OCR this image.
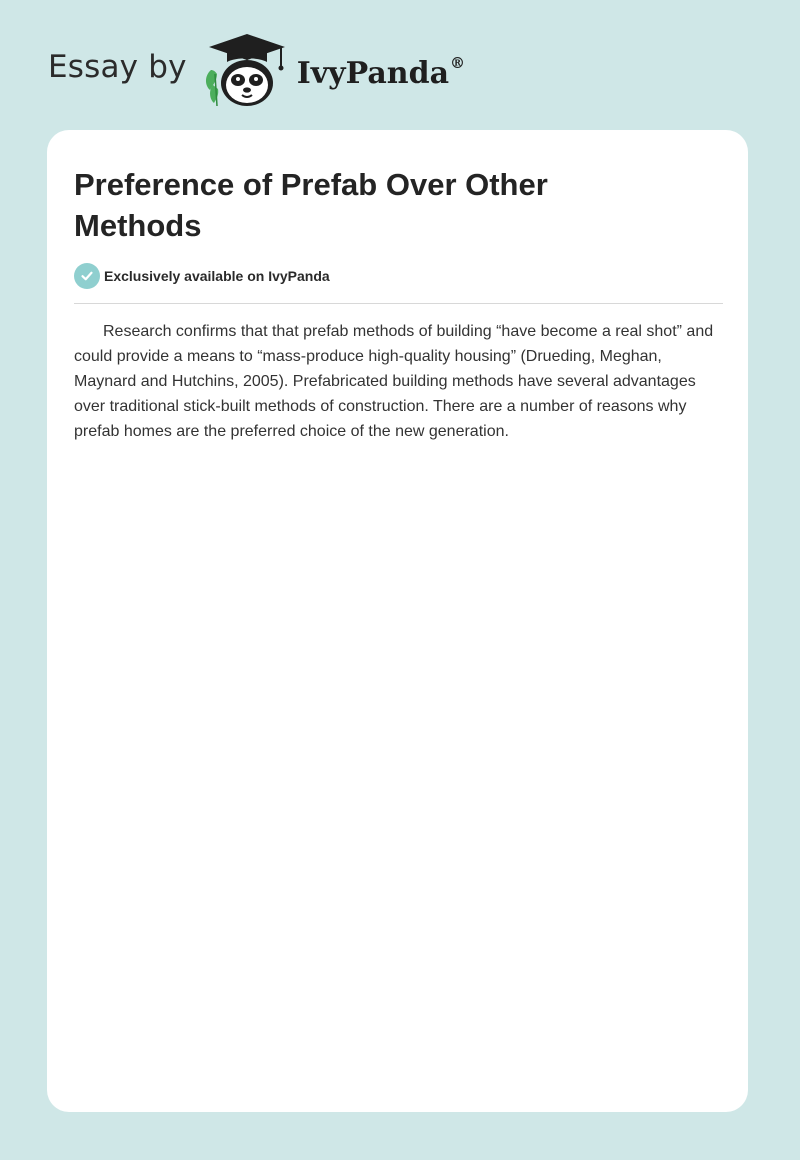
Essay by	IvyPanda®
Preference of Prefab Over Other Methods
Exclusively available on IvyPanda

Research confirms that that prefab methods of building “have become a real shot” and could provide a means to “mass-produce high-quality housing” (Drueding, Meghan, Maynard and Hutchins, 2005). Prefabricated building methods have several advantages over traditional stick-built methods of construction. There are a number of reasons why prefab homes are the preferred choice of the new generation.
